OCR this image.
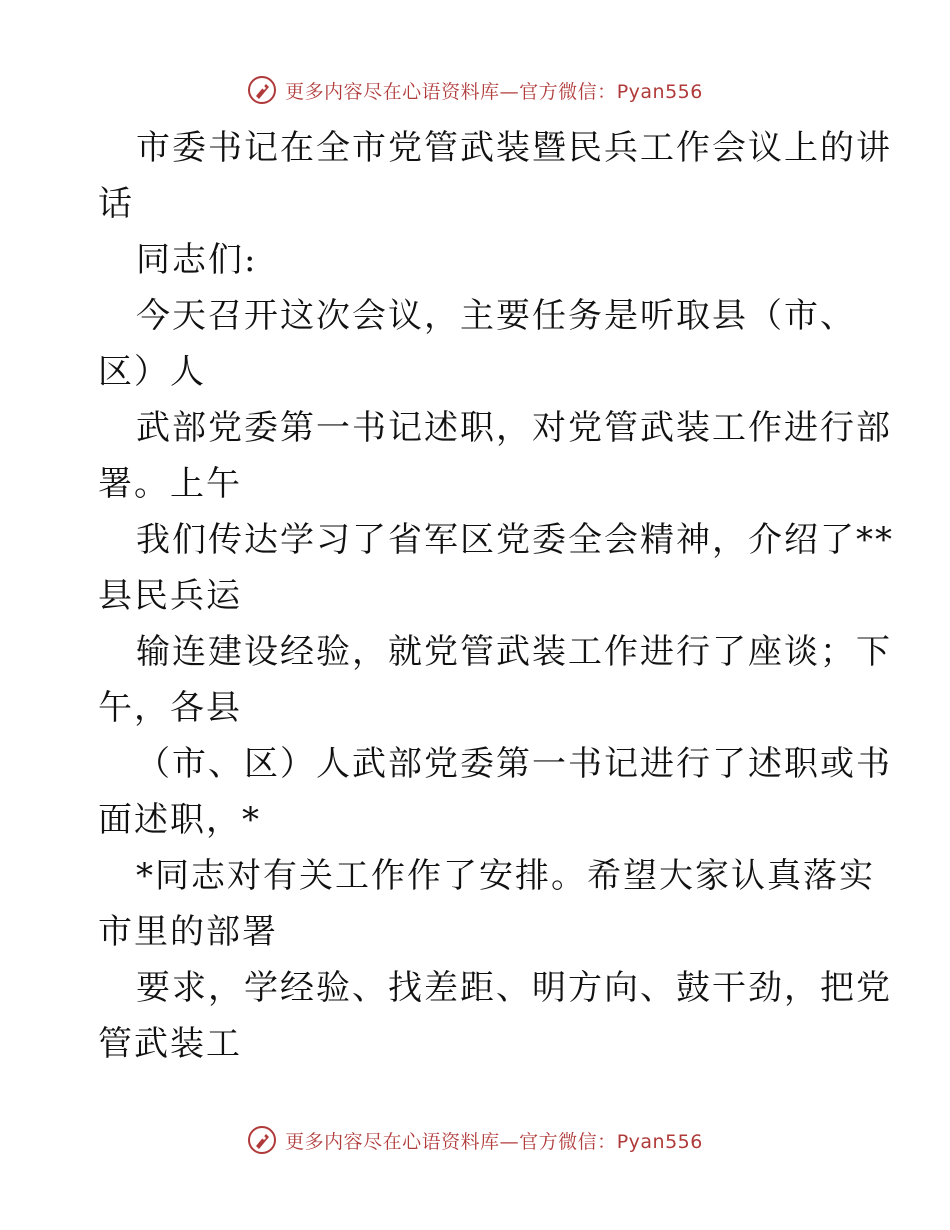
更多内容尽在心语资料库—官方微信：Pyan556
市委书记在全市党管武装暨民兵工作会议上的讲
话
同志们:
今天召开这次会议，主要任务是听取县（市、
区）人
武部党委第一书记述职，对党管武装工作进行部
署。上午
我们传达学习了省军区党委全会精神，介绍了**
县民兵运
输连建设经验，就党管武装工作进行了座谈；下
午，各县
（市、区）人武部党委第一书记进行了述职或书
面述职，*
*同志对有关工作作了安排。希望大家认真落实
市里的部署
要求，学经验、找差距、明方向、鼓干劲，把党
管武装工
更多内容尽在心语资料库—官方微信：Pyan556
